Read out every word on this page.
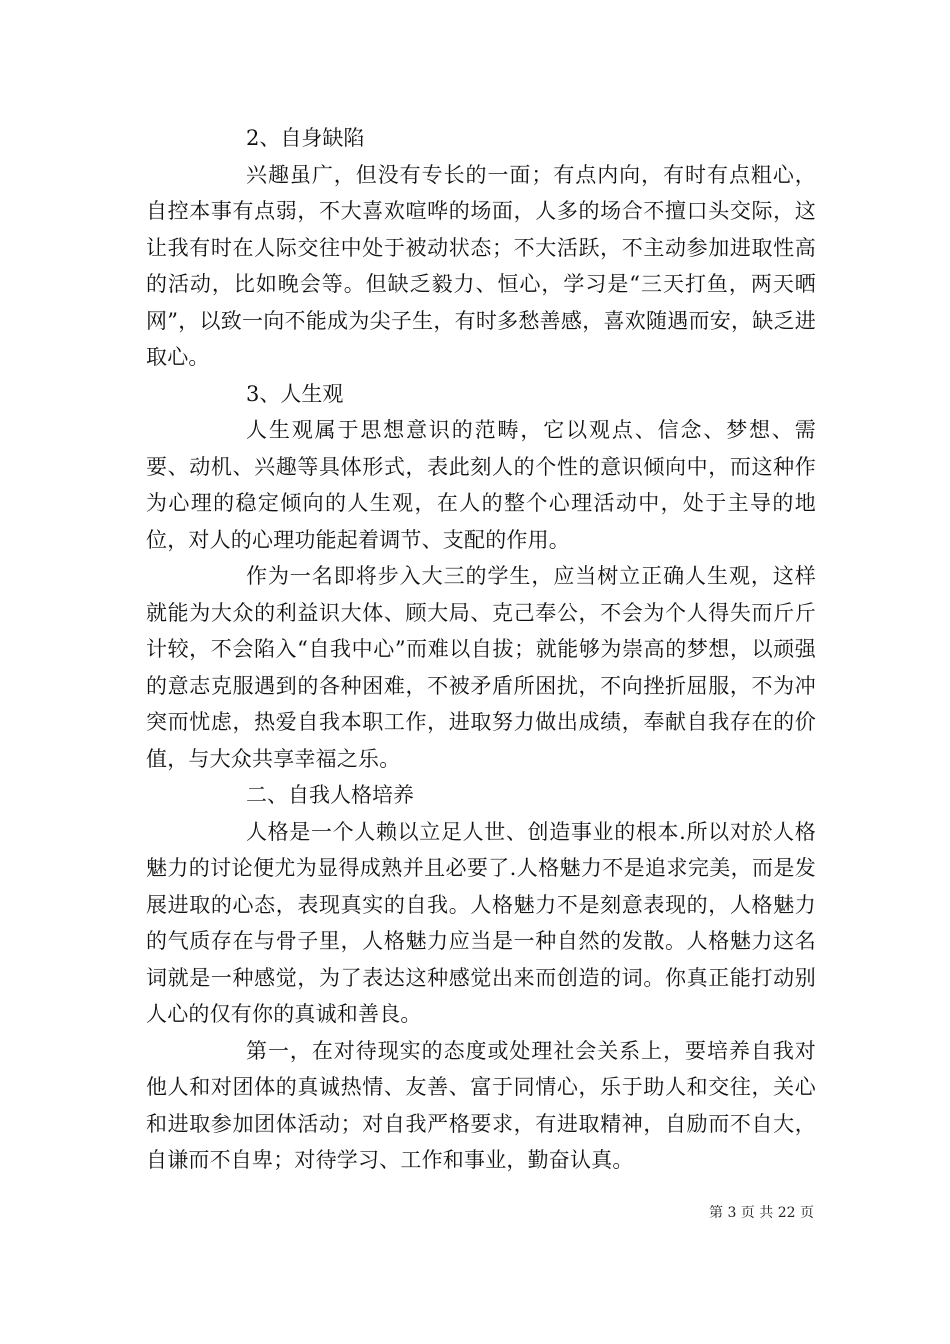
2、自身缺陷

兴趣虽广，但没有专长的一面；有点内向，有时有点粗心，自控本事有点弱，不大喜欢喧哗的场面，人多的场合不擅口头交际，这让我有时在人际交往中处于被动状态；不大活跃，不主动参加进取性高的活动，比如晚会等。但缺乏毅力、恒心，学习是“三天打鱼，两天晒网”，以致一向不能成为尖子生，有时多愁善感，喜欢随遇而安，缺乏进取心。

3、人生观

人生观属于思想意识的范畴，它以观点、信念、梦想、需要、动机、兴趣等具体形式，表此刻人的个性的意识倾向中，而这种作为心理的稳定倾向的人生观，在人的整个心理活动中，处于主导的地位，对人的心理功能起着调节、支配的作用。

作为一名即将步入大三的学生，应当树立正确人生观，这样就能为大众的利益识大体、顾大局、克己奉公，不会为个人得失而斤斤计较，不会陷入“自我中心”而难以自拔；就能够为崇高的梦想，以顽强的意志克服遇到的各种困难，不被矛盾所困扰，不向挫折屈服，不为冲突而忧虑，热爱自我本职工作，进取努力做出成绩，奉献自我存在的价值，与大众共享幸福之乐。

二、自我人格培养

人格是一个人赖以立足人世、创造事业的根本.所以对於人格魅力的讨论便尤为显得成熟并且必要了.人格魅力不是追求完美，而是发展进取的心态，表现真实的自我。人格魅力不是刻意表现的，人格魅力的气质存在与骨子里，人格魅力应当是一种自然的发散。人格魅力这名词就是一种感觉，为了表达这种感觉出来而创造的词。你真正能打动别人心的仅有你的真诚和善良。

第一，在对待现实的态度或处理社会关系上，要培养自我对他人和对团体的真诚热情、友善、富于同情心，乐于助人和交往，关心和进取参加团体活动；对自我严格要求，有进取精神，自励而不自大，自谦而不自卑；对待学习、工作和事业，勤奋认真。

第 3 页 共 22 页
